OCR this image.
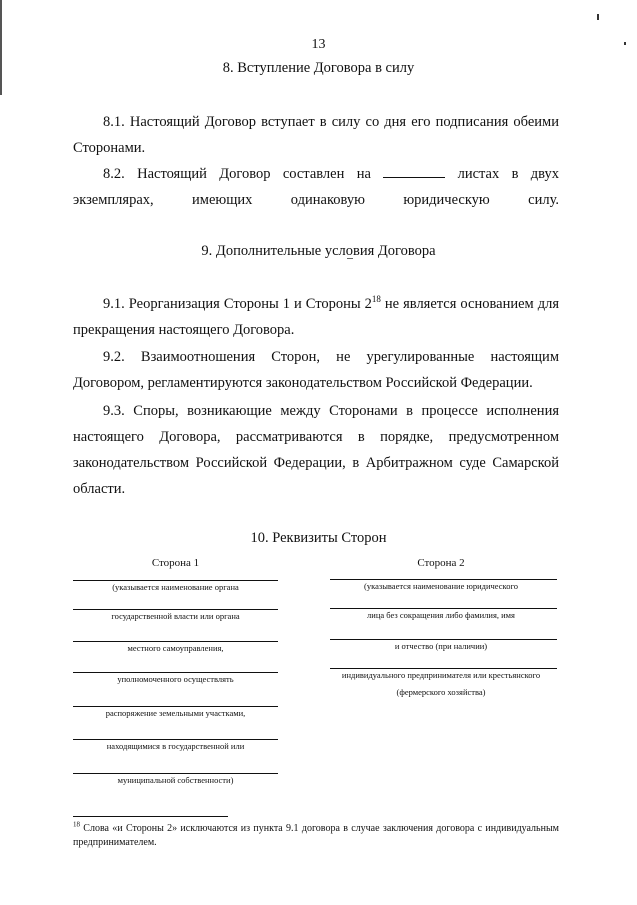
13
8. Вступление Договора в силу
8.1. Настоящий Договор вступает в силу со дня его подписания обеими Сторонами.
8.2. Настоящий Договор составлен на	листах в двух экземплярах, имеющих одинаковую юридическую силу.
9. Дополнительные условия Договора
9.1. Реорганизация Стороны 1 и Стороны $2^{18}$ не является основанием для прекращения настоящего Договора.
9.2. Взаимоотношения Сторон, не урегулированные настоящим Договором, регламентируются законодательством Российской Федерации.
9.3. Споры, возникающие между Сторонами в процессе исполнения настоящего Договора, рассматриваются в порядке, предусмотренном законодательством Российской Федерации, в Арбитражном суде Самарской области.
10. Реквизиты Сторон
Сторона 1
(указывается наименование органа
государственной власти или органа
местного самоуправления,
уполномоченного осуществлять
распоряжение земельными участками,
находящимися в государственной или
муниципальной собственности)
Сторона 2
(указывается наименование юридического
лица без сокращения либо фамилия, имя
и отчество (при наличии)
индивидуального предпринимателя или крестьянского
(фермерского хозяйства)
$^{18}$ Слова «и Стороны 2» исключаются из пункта 9.1 договора в случае заключения договора с индивидуальным предпринимателем.
